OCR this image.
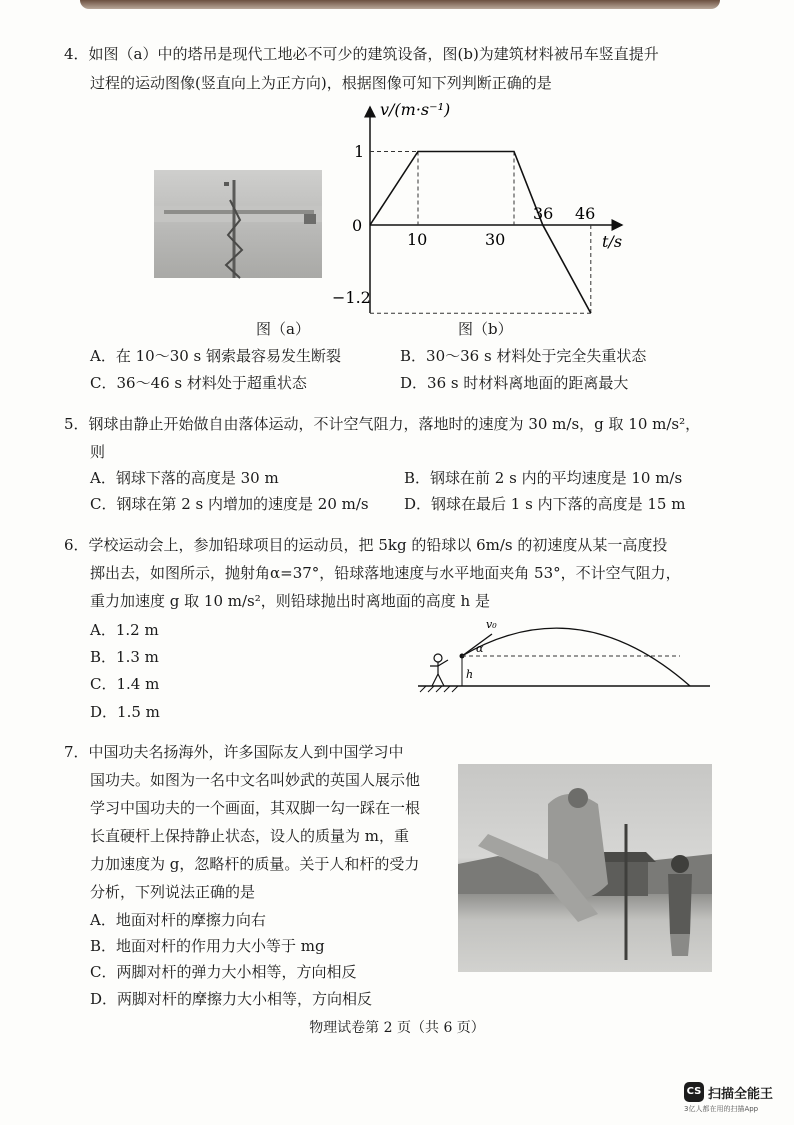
4．如图（a）中的塔吊是现代工地必不可少的建筑设备，图(b)为建筑材料被吊车竖直提升
过程的运动图像(竖直向上为正方向)，根据图像可知下列判断正确的是
v/(m·s⁻¹)
t/s
0
1
−1.2
10	30
36 46
图（a）	图（b）
A．在 10～30 s 钢索最容易发生断裂	B．30～36 s 材料处于完全失重状态
C．36～46 s 材料处于超重状态	D．36 s 时材料离地面的距离最大
5．钢球由静止开始做自由落体运动，不计空气阻力，落地时的速度为 30 m/s，g 取 10 m/s²，
则
A．钢球下落的高度是 30 m	B．钢球在前 2 s 内的平均速度是 10 m/s
C．钢球在第 2 s 内增加的速度是 20 m/s D．钢球在最后 1 s 内下落的高度是 15 m
6．学校运动会上，参加铅球项目的运动员，把 5kg 的铅球以 6m/s 的初速度从某一高度投
掷出去，如图所示，抛射角α=37°，铅球落地速度与水平地面夹角 53°，不计空气阻力，
重力加速度 g 取 10 m/s²，则铅球抛出时离地面的高度 h 是
A．1.2 m
B．1.3 m
C．1.4 m
D．1.5 m
v₀
α
h
7．中国功夫名扬海外，许多国际友人到中国学习中
国功夫。如图为一名中文名叫妙武的英国人展示他
学习中国功夫的一个画面，其双脚一勾一踩在一根
长直硬杆上保持静止状态，设人的质量为 m，重
力加速度为 g，忽略杆的质量。关于人和杆的受力
分析，下列说法正确的是
A．地面对杆的摩擦力向右
B．地面对杆的作用力大小等于 mg
C．两脚对杆的弹力大小相等，方向相反
D．两脚对杆的摩擦力大小相等，方向相反
物理试卷第 2 页（共 6 页）
CS 扫描全能王
3亿人都在用的扫描App
